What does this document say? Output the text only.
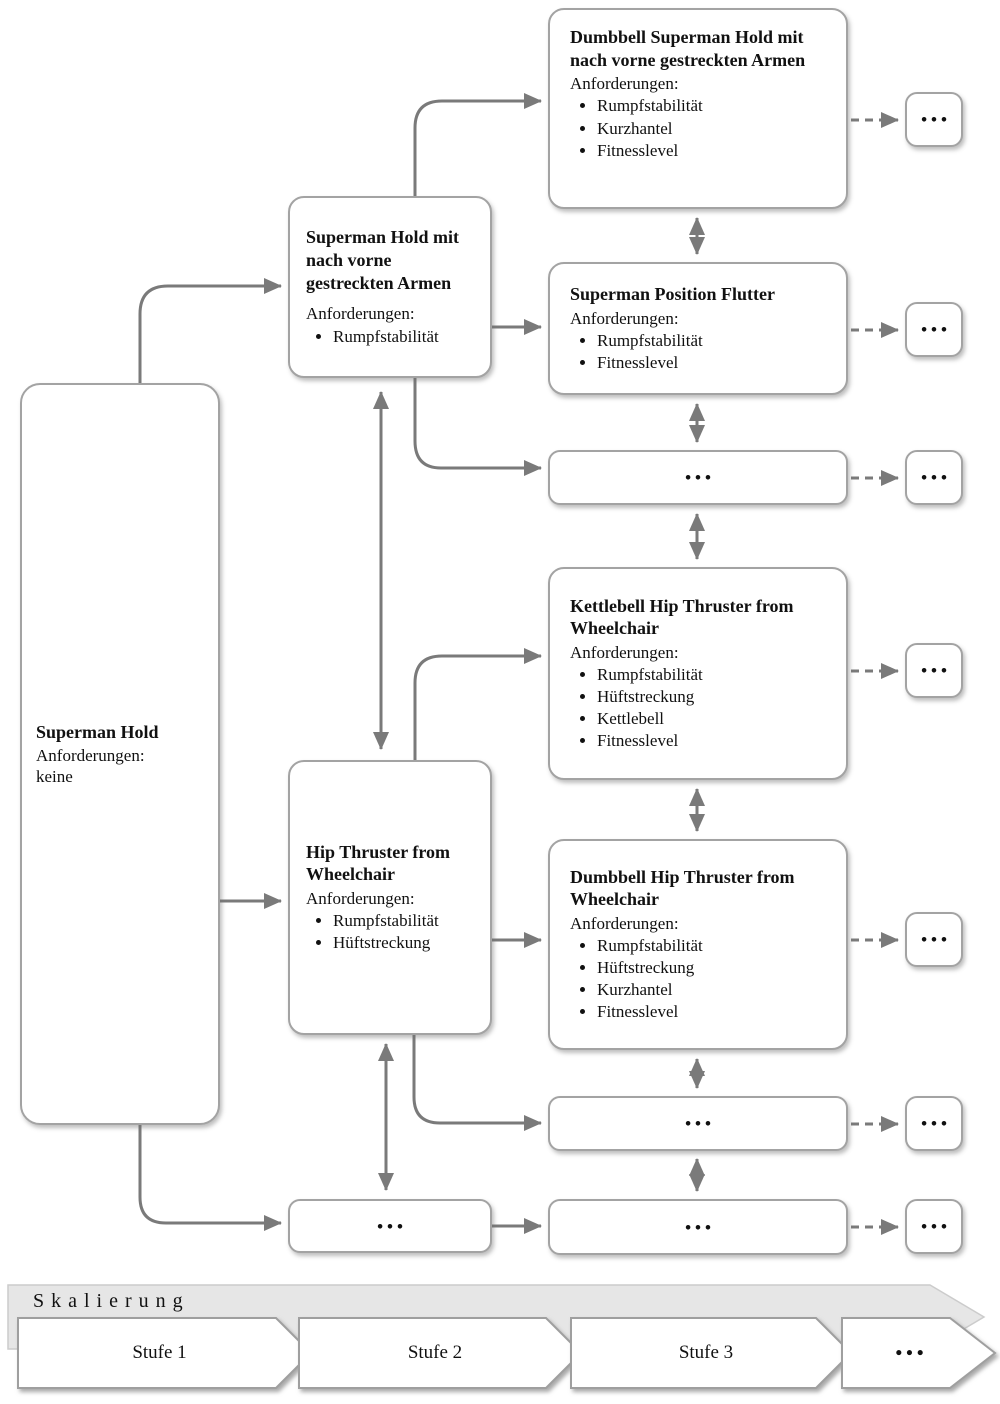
Superman Hold
Anforderungen:
keine
Superman Hold mit nach vorne gestreckten Armen
Anforderungen:
• Rumpfstabilität
Hip Thruster from Wheelchair
Anforderungen:
• Rumpfstabilität
• Hüftstreckung
•••
Dumbbell Superman Hold mit nach vorne gestreckten Armen
Anforderungen:
• Rumpfstabilität
• Kurzhantel
• Fitnesslevel
Superman Position Flutter
Anforderungen:
• Rumpfstabilität
• Fitnesslevel
•••
Kettlebell Hip Thruster from Wheelchair
Anforderungen:
• Rumpfstabilität
• Hüftstreckung
• Kettlebell
• Fitnesslevel
Dumbbell Hip Thruster from Wheelchair
Anforderungen:
• Rumpfstabilität
• Hüftstreckung
• Kurzhantel
• Fitnesslevel
•••
•••
•••
•••
•••
•••
•••
•••
•••
Skalierung
Stufe 1	Stufe 2	Stufe 3	•••
